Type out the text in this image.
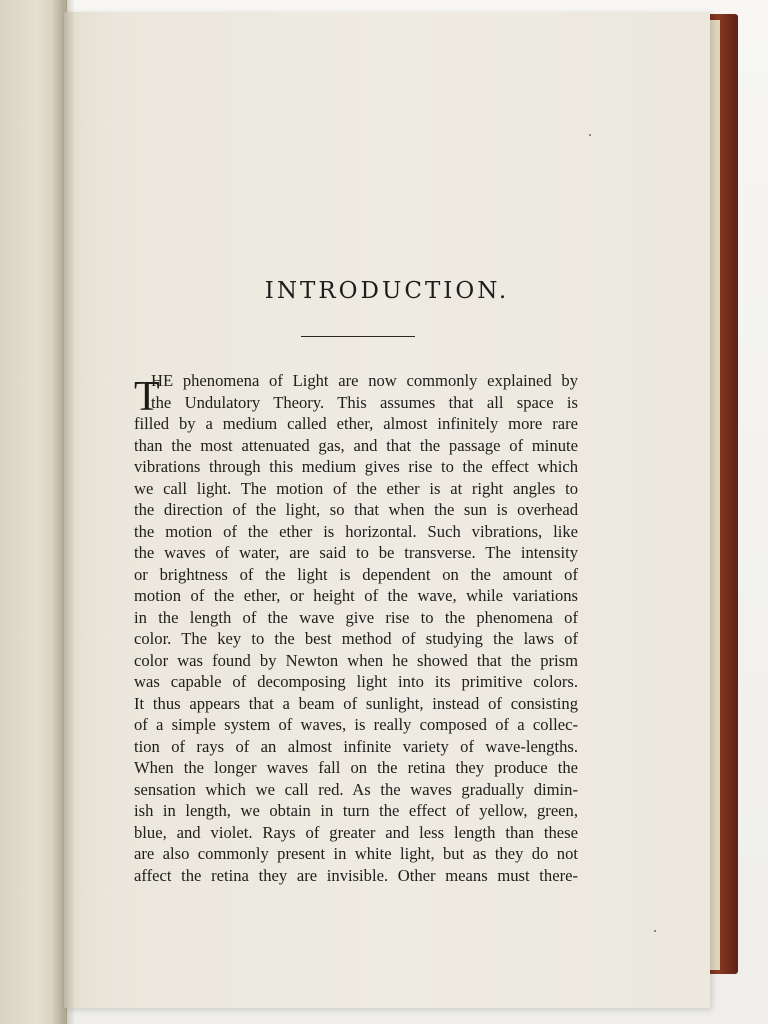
INTRODUCTION.
T
HE phenomena of Light are now commonly explained by
the Undulatory Theory. This assumes that all space is
filled by a medium called ether, almost infinitely more rare
than the most attenuated gas, and that the passage of minute
vibrations through this medium gives rise to the effect which
we call light. The motion of the ether is at right angles to
the direction of the light, so that when the sun is overhead
the motion of the ether is horizontal. Such vibrations, like
the waves of water, are said to be transverse. The intensity
or brightness of the light is dependent on the amount of
motion of the ether, or height of the wave, while variations
in the length of the wave give rise to the phenomena of
color. The key to the best method of studying the laws of
color was found by Newton when he showed that the prism
was capable of decomposing light into its primitive colors.
It thus appears that a beam of sunlight, instead of consisting
of a simple system of waves, is really composed of a collec-
tion of rays of an almost infinite variety of wave-lengths.
When the longer waves fall on the retina they produce the
sensation which we call red. As the waves gradually dimin-
ish in length, we obtain in turn the effect of yellow, green,
blue, and violet. Rays of greater and less length than these
are also commonly present in white light, but as they do not
affect the retina they are invisible. Other means must there-
